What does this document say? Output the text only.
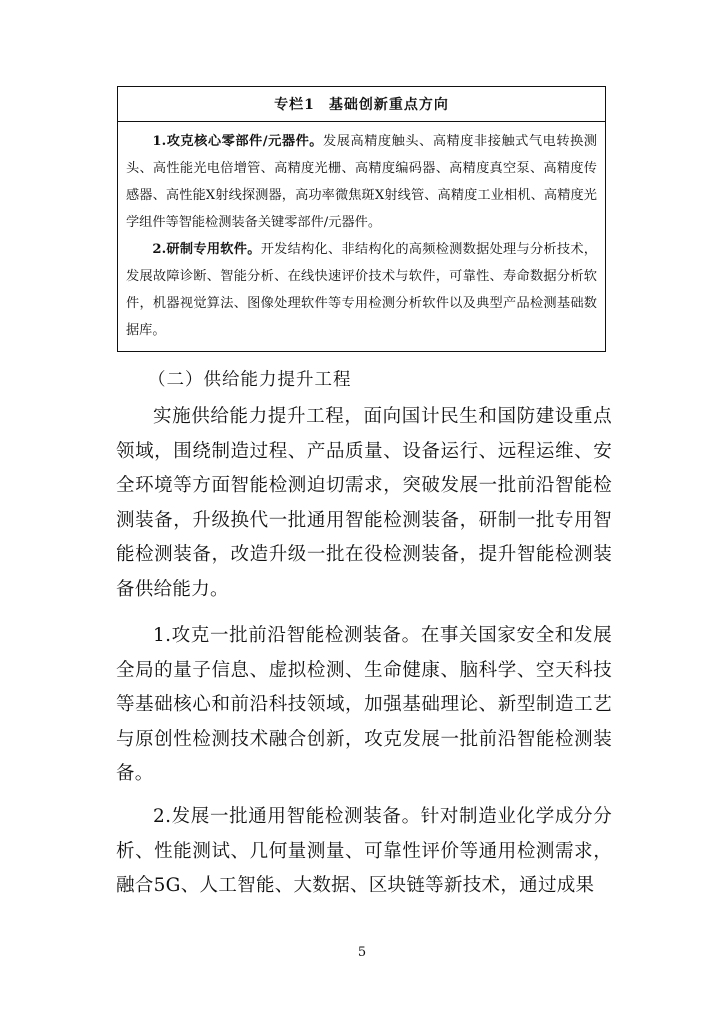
专栏1 基础创新重点方向

1.攻克核心零部件/元器件。发展高精度触头、高精度非接触式气电转换测头、高性能光电倍增管、高精度光栅、高精度编码器、高精度真空泵、高精度传感器、高性能X射线探测器，高功率微焦斑X射线管、高精度工业相机、高精度光学组件等智能检测装备关键零部件/元器件。

2.研制专用软件。开发结构化、非结构化的高频检测数据处理与分析技术，发展故障诊断、智能分析、在线快速评价技术与软件，可靠性、寿命数据分析软件，机器视觉算法、图像处理软件等专用检测分析软件以及典型产品检测基础数据库。

（二）供给能力提升工程

实施供给能力提升工程，面向国计民生和国防建设重点领域，围绕制造过程、产品质量、设备运行、远程运维、安全环境等方面智能检测迫切需求，突破发展一批前沿智能检测装备，升级换代一批通用智能检测装备，研制一批专用智能检测装备，改造升级一批在役检测装备，提升智能检测装备供给能力。

1.攻克一批前沿智能检测装备。在事关国家安全和发展全局的量子信息、虚拟检测、生命健康、脑科学、空天科技等基础核心和前沿科技领域，加强基础理论、新型制造工艺与原创性检测技术融合创新，攻克发展一批前沿智能检测装备。

2.发展一批通用智能检测装备。针对制造业化学成分分析、性能测试、几何量测量、可靠性评价等通用检测需求，融合5G、人工智能、大数据、区块链等新技术，通过成果

5
